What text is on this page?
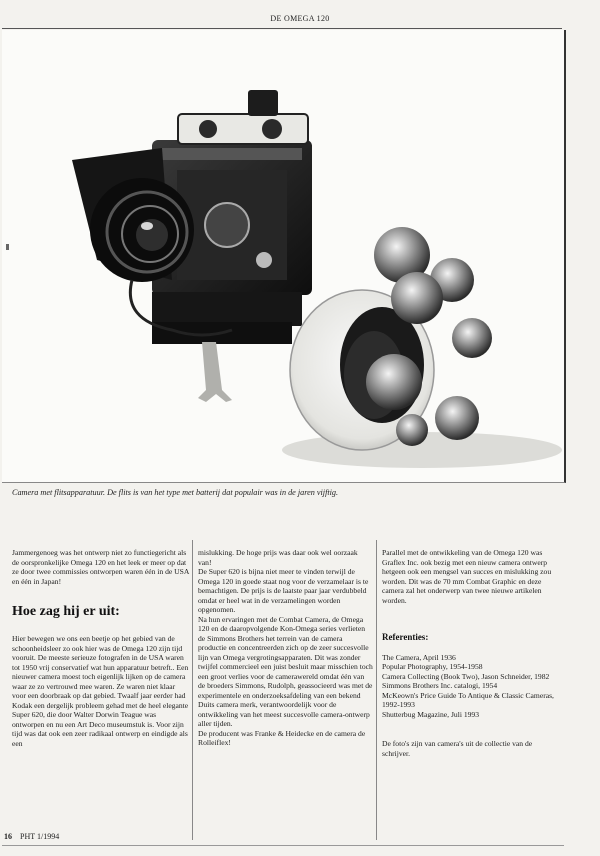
DE OMEGA 120
Camera met flitsapparatuur. De flits is van het type met batterij dat populair was in de jaren vijftig.

Jammergenoeg was het ontwerp niet zo functiegericht als de oorspronkelijke Omega 120 en het leek er meer op dat ze door twee commissies ontworpen waren één in de USA en één in Japan!

Hoe zag hij er uit:

Hier bewegen we ons een beetje op het gebied van de schoonheidsleer zo ook hier was de Omega 120 zijn tijd vooruit. De meeste serieuze fotografen in de USA waren tot 1950 vrij conservatief wat hun apparatuur betreft.. Een nieuwer camera moest toch eigenlijk lijken op de camera waar ze zo vertrouwd mee waren. Ze waren niet klaar voor een doorbraak op dat gebied. Twaalf jaar eerder had Kodak een dergelijk probleem gehad met de heel elegante Super 620, die door Walter Dorwin Teague was ontworpen en nu een Art Deco museumstuk is. Voor zijn tijd was dat ook een zeer radikaal ontwerp en eindigde als een

mislukking. De hoge prijs was daar ook wel oorzaak van!

De Super 620 is bijna niet meer te vinden terwijl de Omega 120 in goede staat nog voor de verzamelaar is te bemachtigen. De prijs is de laatste paar jaar verdubbeld omdat er heel wat in de verzamelingen worden opgenomen.

Na hun ervaringen met de Combat Camera, de Omega 120 en de daaropvolgende Kon-Omega series verlieten de Simmons Brothers het terrein van de camera productie en concentreerden zich op de zeer succesvolle lijn van Omega vergrotingsapparaten. Dit was zonder twijfel commercieel een juist besluit maar misschien toch een groot verlies voor de camerawereld omdat één van de broeders Simmons, Rudolph, geassocieerd was met de experimentele en onderzoeksafdeling van een bekend Duits camera merk, verantwoordelijk voor de ontwikkeling van het meest succesvolle camera-ontwerp aller tijden.

De producent was Franke & Heidecke en de camera de Rolleiflex!

Parallel met de ontwikkeling van de Omega 120 was Graflex Inc. ook bezig met een nieuw camera ontwerp hetgeen ook een mengsel van succes en mislukking zou worden. Dit was de 70 mm Combat Graphic en deze camera zal het onderwerp van twee nieuwe artikelen worden.

Referenties:
The Camera, April 1936
Popular Photography, 1954-1958
Camera Collecting (Book Two), Jason Schneider, 1982
Simmons Brothers Inc. catalogi, 1954
McKeown's Price Guide To Antique & Classic Cameras, 1992-1993
Shutterbug Magazine, Juli 1993

De foto's zijn van camera's uit de collectie van de schrijver.

16 PHT 1/1994
